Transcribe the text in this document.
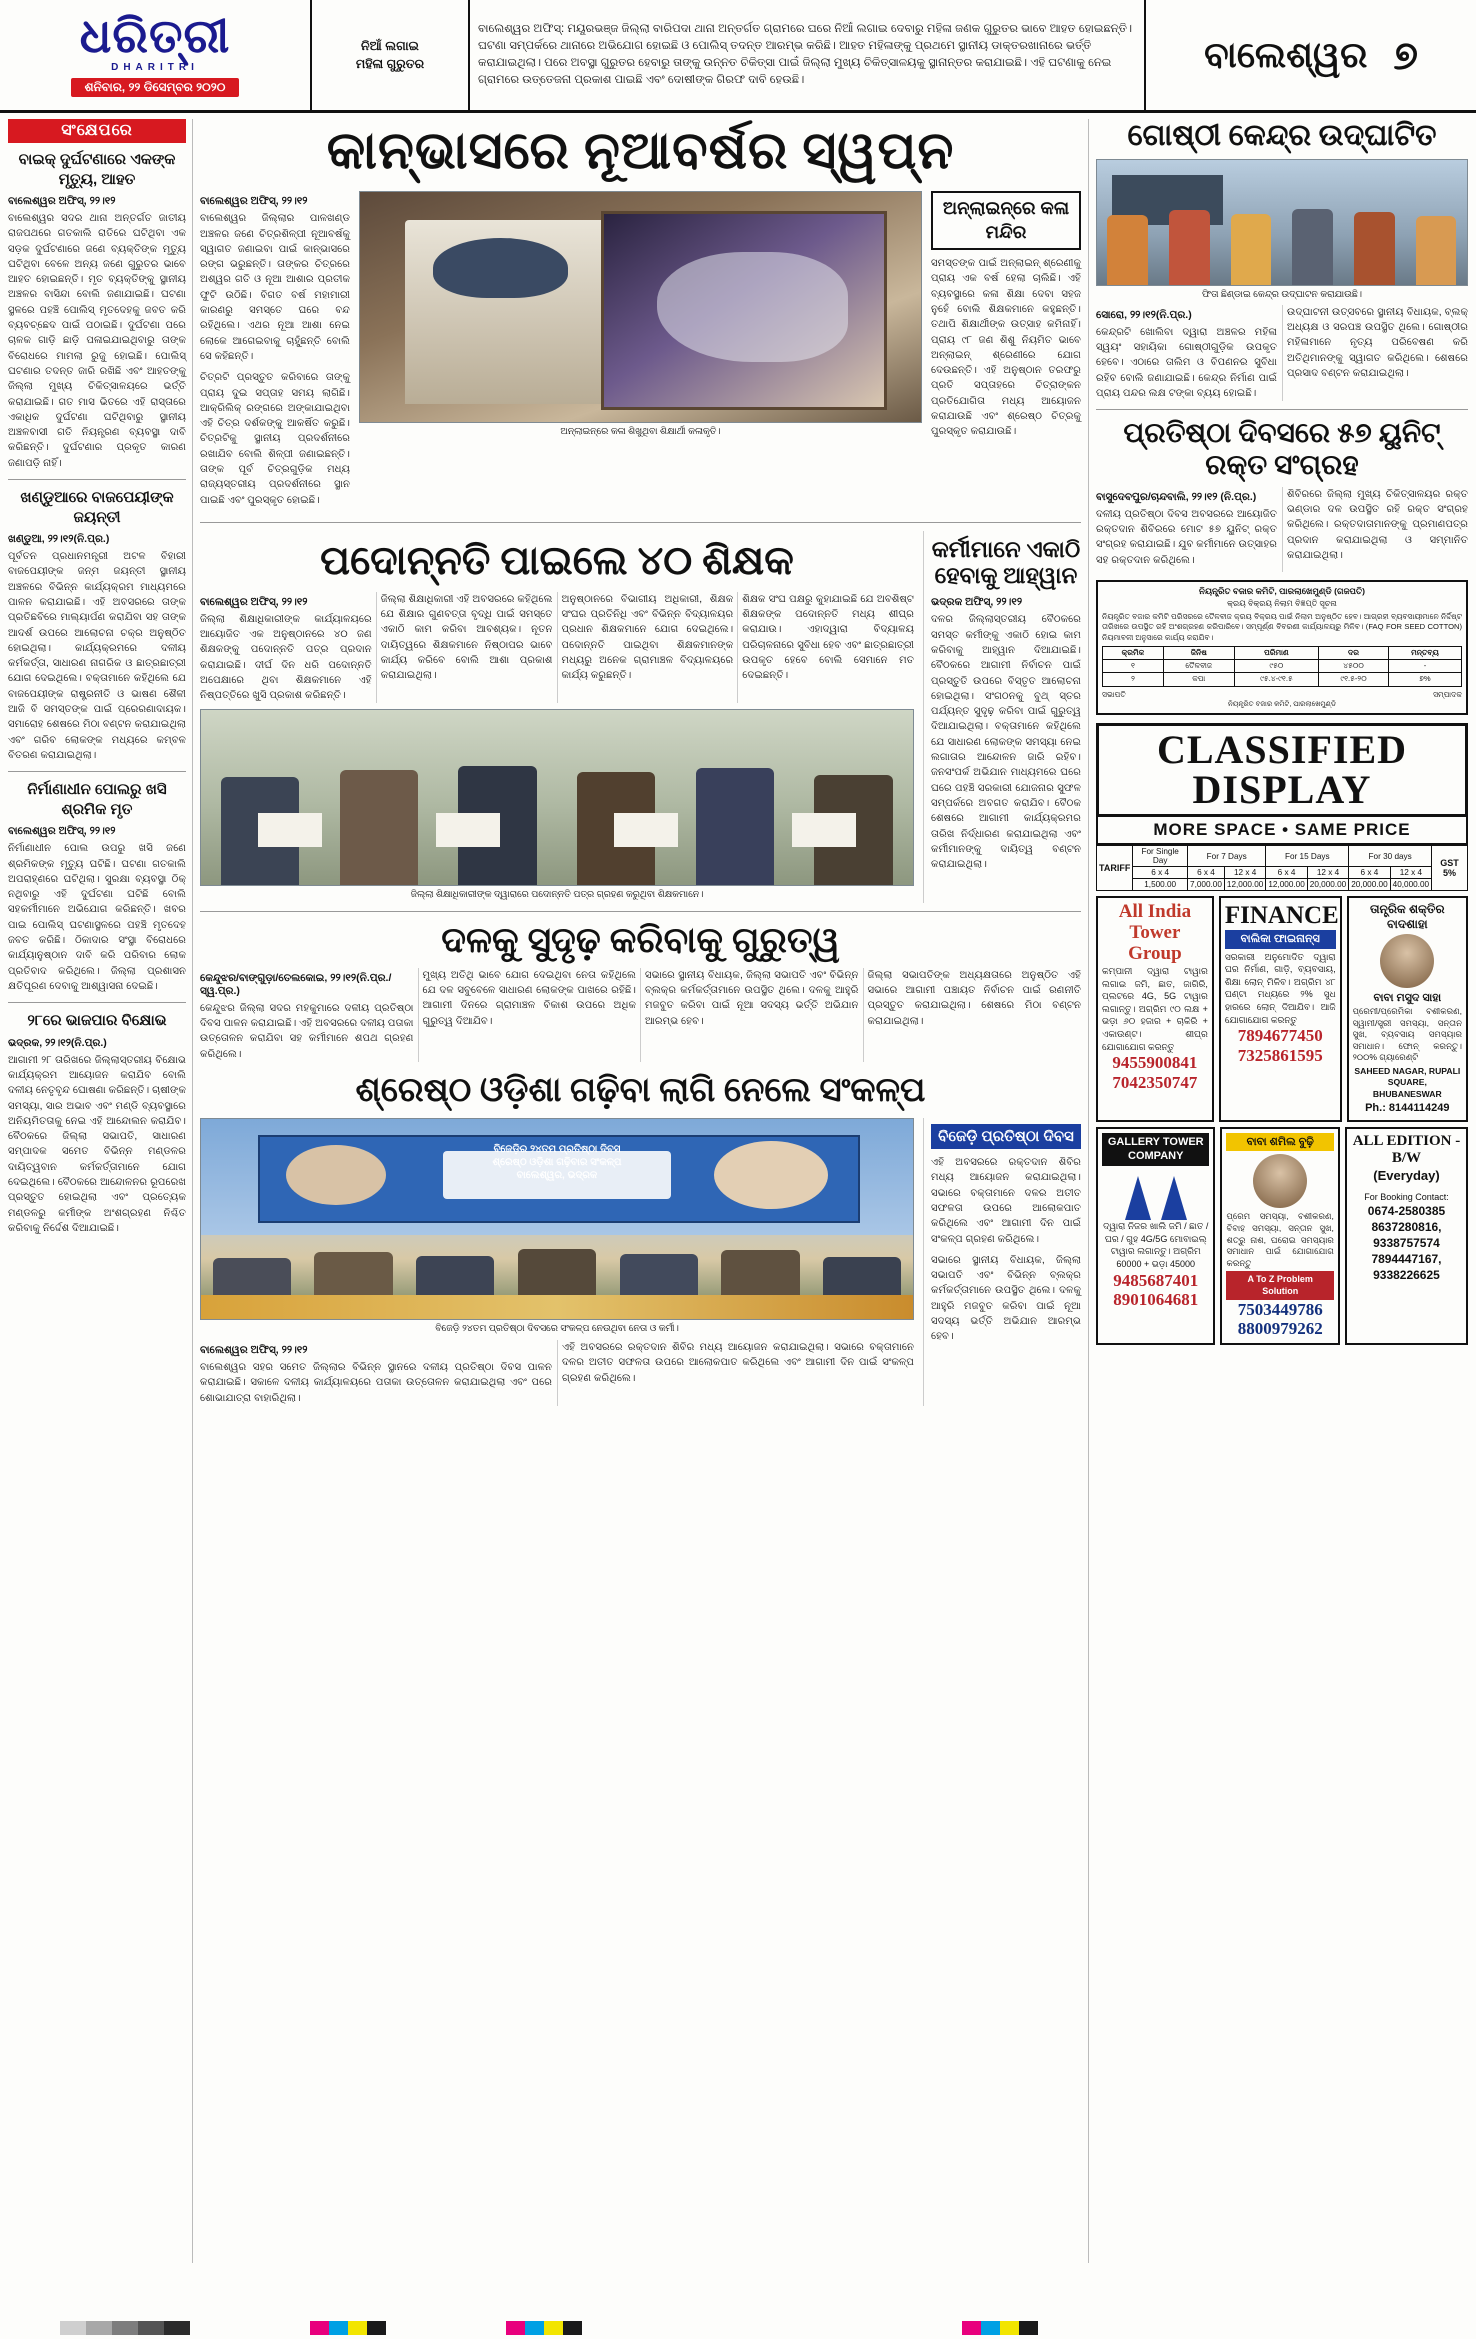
ଧରିତ୍ରୀ
DHARITRI
ଶନିବାର, ୨୨ ଡିସେମ୍ବର ୨୦୨୦
ନିଆଁ ଲଗାଇ
ମହିଳା ଗୁରୁତର
ବାଲେଶ୍ୱର ଅଫିସ୍: ମୟୂରଭଞ୍ଜ ଜିଲ୍ଲା ବାରିପଦା ଥାନା ଅନ୍ତର୍ଗତ ଗ୍ରାମରେ ଘରେ ନିଆଁ ଲଗାଇ ଦେବାରୁ ମହିଳା ଜଣକ ଗୁରୁତର ଭାବେ ଆହତ ହୋଇଛନ୍ତି। ଘଟଣା ସମ୍ପର୍କରେ ଥାନାରେ ଅଭିଯୋଗ ହୋଇଛି ଓ ପୋଲିସ୍ ତଦନ୍ତ ଆରମ୍ଭ କରିଛି। ଆହତ ମହିଳାଙ୍କୁ ପ୍ରଥମେ ସ୍ଥାନୀୟ ଡାକ୍ତରଖାନାରେ ଭର୍ତ୍ତି କରାଯାଇଥିଲା। ପରେ ଅବସ୍ଥା ଗୁରୁତର ହେବାରୁ ତାଙ୍କୁ ଉନ୍ନତ ଚିକିତ୍ସା ପାଇଁ ଜିଲ୍ଲା ମୁଖ୍ୟ ଚିକିତ୍ସାଳୟକୁ ସ୍ଥାନାନ୍ତର କରାଯାଇଛି। ଏହି ଘଟଣାକୁ ନେଇ ଗ୍ରାମରେ ଉତ୍ତେଜନା ପ୍ରକାଶ ପାଇଛି ଏବଂ ଦୋଷୀଙ୍କ ଗିରଫ ଦାବି ହେଉଛି।
ବାଲେଶ୍ୱର ୭
ସଂକ୍ଷେପରେ
ବାଇକ୍ ଦୁର୍ଘଟଣାରେ ଏକଙ୍କ ମୃତ୍ୟୁ, ଆହତ
ବାଲେଶ୍ୱର ଅଫିସ୍, ୨୨।୧୨

ବାଲେଶ୍ୱର ସଦର ଥାନା ଅନ୍ତର୍ଗତ ଜାତୀୟ ରାଜପଥରେ ଗତକାଲି ରାତିରେ ଘଟିଥିବା ଏକ ସଡ଼କ ଦୁର୍ଘଟଣାରେ ଜଣେ ବ୍ୟକ୍ତିଙ୍କ ମୃତ୍ୟୁ ଘଟିଥିବା ବେଳେ ଅନ୍ୟ ଜଣେ ଗୁରୁତର ଭାବେ ଆହତ ହୋଇଛନ୍ତି। ମୃତ ବ୍ୟକ୍ତିଙ୍କୁ ସ୍ଥାନୀୟ ଅଞ୍ଚଳର ବାସିନ୍ଦା ବୋଲି ଜଣାଯାଇଛି। ଘଟଣା ସ୍ଥଳରେ ପହଞ୍ଚି ପୋଲିସ୍ ମୃତଦେହକୁ ଜବତ କରି ବ୍ୟବଚ୍ଛେଦ ପାଇଁ ପଠାଇଛି। ଦୁର୍ଘଟଣା ପରେ ଚାଳକ ଗାଡ଼ି ଛାଡ଼ି ପଳାଇଯାଇଥିବାରୁ ତାଙ୍କ ବିରୋଧରେ ମାମଲା ରୁଜୁ ହୋଇଛି। ପୋଲିସ୍ ଘଟଣାର ତଦନ୍ତ ଜାରି ରଖିଛି ଏବଂ ଆହତଙ୍କୁ ଜିଲ୍ଲା ମୁଖ୍ୟ ଚିକିତ୍ସାଳୟରେ ଭର୍ତ୍ତି କରାଯାଇଛି। ଗତ ମାସ ଭିତରେ ଏହି ରାସ୍ତାରେ ଏକାଧିକ ଦୁର୍ଘଟଣା ଘଟିଥିବାରୁ ସ୍ଥାନୀୟ ଅଞ୍ଚଳବାସୀ ଗତି ନିୟନ୍ତ୍ରଣ ବ୍ୟବସ୍ଥା ଦାବି କରିଛନ୍ତି। ଦୁର୍ଘଟଣାର ପ୍ରକୃତ କାରଣ ଜଣାପଡ଼ି ନାହିଁ।

ଖଣ୍ଡୁଆରେ ବାଜପେୟୀଙ୍କ ଜୟନ୍ତୀ
ଖଣ୍ଡୁଆ, ୨୨।୧୨(ନି.ପ୍ର.)

ପୂର୍ବତନ ପ୍ରଧାନମନ୍ତ୍ରୀ ଅଟଳ ବିହାରୀ ବାଜପେୟୀଙ୍କ ଜନ୍ମ ଜୟନ୍ତୀ ସ୍ଥାନୀୟ ଅଞ୍ଚଳରେ ବିଭିନ୍ନ କାର୍ଯ୍ୟକ୍ରମ ମାଧ୍ୟମରେ ପାଳନ କରାଯାଇଛି। ଏହି ଅବସରରେ ତାଙ୍କ ପ୍ରତିଛବିରେ ମାଲ୍ୟାର୍ପଣ କରାଯିବା ସହ ତାଙ୍କ ଆଦର୍ଶ ଉପରେ ଆଲୋଚନା ଚକ୍ର ଅନୁଷ୍ଠିତ ହୋଇଥିଲା। କାର୍ଯ୍ୟକ୍ରମରେ ଦଳୀୟ କର୍ମକର୍ତ୍ତା, ସାଧାରଣ ନାଗରିକ ଓ ଛାତ୍ରଛାତ୍ରୀ ଯୋଗ ଦେଇଥିଲେ। ବକ୍ତାମାନେ କହିଥିଲେ ଯେ ବାଜପେୟୀଙ୍କ ରାଷ୍ଟ୍ରନୀତି ଓ ଭାଷଣ ଶୈଳୀ ଆଜି ବି ସମସ୍ତଙ୍କ ପାଇଁ ପ୍ରେରଣାଦାୟକ। ସମାରୋହ ଶେଷରେ ମିଠା ବଣ୍ଟନ କରାଯାଇଥିଲା ଏବଂ ଗରିବ ଲୋକଙ୍କ ମଧ୍ୟରେ କମ୍ବଳ ବିତରଣ କରାଯାଇଥିଲା।

ନିର୍ମାଣାଧୀନ ପୋଲରୁ ଖସି ଶ୍ରମିକ ମୃତ
ବାଲେଶ୍ୱର ଅଫିସ୍, ୨୨।୧୨

ନିର୍ମାଣାଧୀନ ପୋଲ ଉପରୁ ଖସି ଜଣେ ଶ୍ରମିକଙ୍କ ମୃତ୍ୟୁ ଘଟିଛି। ଘଟଣା ଗତକାଲି ଅପରାହ୍ଣରେ ଘଟିଥିଲା। ସୁରକ୍ଷା ବ୍ୟବସ୍ଥା ଠିକ୍ ନଥିବାରୁ ଏହି ଦୁର୍ଘଟଣା ଘଟିଛି ବୋଲି ସହକର୍ମୀମାନେ ଅଭିଯୋଗ କରିଛନ୍ତି। ଖବର ପାଇ ପୋଲିସ୍ ଘଟଣାସ୍ଥଳରେ ପହଞ୍ଚି ମୃତଦେହ ଜବତ କରିଛି। ଠିକାଦାର ସଂସ୍ଥା ବିରୋଧରେ କାର୍ଯ୍ୟାନୁଷ୍ଠାନ ଦାବି କରି ପରିବାର ଲୋକ ପ୍ରତିବାଦ କରିଥିଲେ। ଜିଲ୍ଲା ପ୍ରଶାସନ କ୍ଷତିପୂରଣ ଦେବାକୁ ଆଶ୍ୱାସନା ଦେଇଛି।

୨୮ରେ ଭାଜପାର ବିକ୍ଷୋଭ
ଭଦ୍ରକ, ୨୨।୧୨(ନି.ପ୍ର.)

ଆଗାମୀ ୨୮ ତାରିଖରେ ଜିଲ୍ଲାସ୍ତରୀୟ ବିକ୍ଷୋଭ କାର୍ଯ୍ୟକ୍ରମ ଆୟୋଜନ କରାଯିବ ବୋଲି ଦଳୀୟ ନେତୃବୃନ୍ଦ ଘୋଷଣା କରିଛନ୍ତି। ଚାଷୀଙ୍କ ସମସ୍ୟା, ସାର ଅଭାବ ଏବଂ ମଣ୍ଡି ବ୍ୟବସ୍ଥାରେ ଅନିୟମିତତାକୁ ନେଇ ଏହି ଆନ୍ଦୋଲନ କରାଯିବ। ବୈଠକରେ ଜିଲ୍ଲା ସଭାପତି, ସାଧାରଣ ସମ୍ପାଦକ ସମେତ ବିଭିନ୍ନ ମଣ୍ଡଳର ଦାୟିତ୍ୱବାନ କର୍ମକର୍ତ୍ତାମାନେ ଯୋଗ ଦେଇଥିଲେ। ବୈଠକରେ ଆନ୍ଦୋଳନର ରୂପରେଖ ପ୍ରସ୍ତୁତ ହୋଇଥିଲା ଏବଂ ପ୍ରତ୍ୟେକ ମଣ୍ଡଳରୁ କର୍ମୀଙ୍କ ଅଂଶଗ୍ରହଣ ନିଶ୍ଚିତ କରିବାକୁ ନିର୍ଦ୍ଦେଶ ଦିଆଯାଇଛି।

କାନ୍ଭାସରେ ନୂଆବର୍ଷର ସ୍ୱପ୍ନ
ବାଲେଶ୍ୱର ଅଫିସ୍, ୨୨।୧୨

ବାଲେଶ୍ୱର ଜିଲ୍ଲାର ପାଳଖଣ୍ଡ ଅଞ୍ଚଳର ଜଣେ ଚିତ୍ରଶିଳ୍ପୀ ନୂଆବର୍ଷକୁ ସ୍ୱାଗତ ଜଣାଇବା ପାଇଁ କାନ୍ଭାସରେ ରଙ୍ଗ ଭରୁଛନ୍ତି। ତାଙ୍କର ଚିତ୍ରରେ ଅଶ୍ୱର ଗତି ଓ ନୂଆ ଆଶାର ପ୍ରତୀକ ଫୁଟି ଉଠିଛି। ବିଗତ ବର୍ଷ ମହାମାରୀ କାରଣରୁ ସମସ୍ତେ ଘରେ ବନ୍ଦ ରହିଥିଲେ। ଏଥର ନୂଆ ଆଶା ନେଇ ଲୋକେ ଆଗେଇବାକୁ ଚାହୁଁଛନ୍ତି ବୋଲି ସେ କହିଛନ୍ତି।

ଚିତ୍ରଟି ପ୍ରସ୍ତୁତ କରିବାରେ ତାଙ୍କୁ ପ୍ରାୟ ଦୁଇ ସପ୍ତାହ ସମୟ ଲାଗିଛି। ଆକ୍ରିଲିକ୍ ରଙ୍ଗରେ ଅଙ୍କାଯାଇଥିବା ଏହି ଚିତ୍ର ଦର୍ଶକଙ୍କୁ ଆକର୍ଷିତ କରୁଛି। ଚିତ୍ରଟିକୁ ସ୍ଥାନୀୟ ପ୍ରଦର୍ଶନୀରେ ରଖାଯିବ ବୋଲି ଶିଳ୍ପୀ ଜଣାଇଛନ୍ତି। ତାଙ୍କ ପୂର୍ବ ଚିତ୍ରଗୁଡ଼ିକ ମଧ୍ୟ ରାଜ୍ୟସ୍ତରୀୟ ପ୍ରଦର୍ଶନୀରେ ସ୍ଥାନ ପାଇଛି ଏବଂ ପୁରସ୍କୃତ ହୋଇଛି।

ଅନ୍‌ଲାଇନ୍‌ରେ କଳା ଶିଖୁଥିବା ଶିକ୍ଷାର୍ଥୀ କଳାକୃତି।
ଅନ୍‌ଲାଇନ୍‌ରେ କଳା ମନ୍ଦିର

ସମସ୍ତଙ୍କ ପାଇଁ ଅନ୍‌ଲାଇନ୍ ଶ୍ରେଣୀକୁ ପ୍ରାୟ ଏକ ବର୍ଷ ହେଲା ଚାଲିଛି। ଏହି ବ୍ୟବସ୍ଥାରେ କଳା ଶିକ୍ଷା ଦେବା ସହଜ ନୁହେଁ ବୋଲି ଶିକ୍ଷକମାନେ କହୁଛନ୍ତି। ତଥାପି ଶିକ୍ଷାର୍ଥୀଙ୍କ ଉତ୍ସାହ କମିନାହିଁ। ପ୍ରାୟ ୯୮ ଜଣ ଶିଶୁ ନିୟମିତ ଭାବେ ଅନ୍‌ଲାଇନ୍ ଶ୍ରେଣୀରେ ଯୋଗ ଦେଉଛନ୍ତି। ଏହି ଅନୁଷ୍ଠାନ ତରଫରୁ ପ୍ରତି ସପ୍ତାହରେ ଚିତ୍ରାଙ୍କନ ପ୍ରତିଯୋଗିତା ମଧ୍ୟ ଆୟୋଜନ କରାଯାଉଛି ଏବଂ ଶ୍ରେଷ୍ଠ ଚିତ୍ରକୁ ପୁରସ୍କୃତ କରାଯାଉଛି।

ପଦୋନ୍ନତି ପାଇଲେ ୪୦ ଶିକ୍ଷକ
ବାଲେଶ୍ୱର ଅଫିସ୍, ୨୨।୧୨

ଜିଲ୍ଲା ଶିକ୍ଷାଧିକାରୀଙ୍କ କାର୍ଯ୍ୟାଳୟରେ ଆୟୋଜିତ ଏକ ଅନୁଷ୍ଠାନରେ ୪୦ ଜଣ ଶିକ୍ଷକଙ୍କୁ ପଦୋନ୍ନତି ପତ୍ର ପ୍ରଦାନ କରାଯାଇଛି। ଦୀର୍ଘ ଦିନ ଧରି ପଦୋନ୍ନତି ଅପେକ୍ଷାରେ ଥିବା ଶିକ୍ଷକମାନେ ଏହି ନିଷ୍ପତ୍ତିରେ ଖୁସି ପ୍ରକାଶ କରିଛନ୍ତି।

ଜିଲ୍ଲା ଶିକ୍ଷାଧିକାରୀ ଏହି ଅବସରରେ କହିଥିଲେ ଯେ ଶିକ୍ଷାର ଗୁଣବତ୍ତା ବୃଦ୍ଧି ପାଇଁ ସମସ୍ତେ ଏକାଠି କାମ କରିବା ଆବଶ୍ୟକ। ନୂତନ ଦାୟିତ୍ୱରେ ଶିକ୍ଷକମାନେ ନିଷ୍ଠାପର ଭାବେ କାର୍ଯ୍ୟ କରିବେ ବୋଲି ଆଶା ପ୍ରକାଶ କରାଯାଇଥିଲା।

ଅନୁଷ୍ଠାନରେ ବିଭାଗୀୟ ଅଧିକାରୀ, ଶିକ୍ଷକ ସଂଘର ପ୍ରତିନିଧି ଏବଂ ବିଭିନ୍ନ ବିଦ୍ୟାଳୟର ପ୍ରଧାନ ଶିକ୍ଷକମାନେ ଯୋଗ ଦେଇଥିଲେ। ପଦୋନ୍ନତି ପାଇଥିବା ଶିକ୍ଷକମାନଙ୍କ ମଧ୍ୟରୁ ଅନେକ ଗ୍ରାମାଞ୍ଚଳ ବିଦ୍ୟାଳୟରେ କାର୍ଯ୍ୟ କରୁଛନ୍ତି।

ଶିକ୍ଷକ ସଂଘ ପକ୍ଷରୁ କୁହାଯାଇଛି ଯେ ଅବଶିଷ୍ଟ ଶିକ୍ଷକଙ୍କ ପଦୋନ୍ନତି ମଧ୍ୟ ଶୀଘ୍ର କରାଯାଉ। ଏହାଦ୍ୱାରା ବିଦ୍ୟାଳୟ ପରିଚାଳନାରେ ସୁବିଧା ହେବ ଏବଂ ଛାତ୍ରଛାତ୍ରୀ ଉପକୃତ ହେବେ ବୋଲି ସେମାନେ ମତ ଦେଇଛନ୍ତି।

ଜିଲ୍ଲା ଶିକ୍ଷାଧିକାରୀଙ୍କ ଦ୍ୱାରାରେ ପଦୋନ୍ନତି ପତ୍ର ଗ୍ରହଣ କରୁଥିବା ଶିକ୍ଷକମାନେ।
କର୍ମୀମାନେ ଏକାଠି ହେବାକୁ ଆହ୍ୱାନ
ଭଦ୍ରକ ଅଫିସ୍, ୨୨।୧୨

ଦଳର ଜିଲ୍ଲାସ୍ତରୀୟ ବୈଠକରେ ସମସ୍ତ କର୍ମୀଙ୍କୁ ଏକାଠି ହୋଇ କାମ କରିବାକୁ ଆହ୍ୱାନ ଦିଆଯାଇଛି। ବୈଠକରେ ଆଗାମୀ ନିର୍ବାଚନ ପାଇଁ ପ୍ରସ୍ତୁତି ଉପରେ ବିସ୍ତୃତ ଆଲୋଚନା ହୋଇଥିଲା। ସଂଗଠନକୁ ବୁଥ୍ ସ୍ତର ପର୍ଯ୍ୟନ୍ତ ସୁଦୃଢ଼ କରିବା ପାଇଁ ଗୁରୁତ୍ୱ ଦିଆଯାଇଥିଲା। ବକ୍ତାମାନେ କହିଥିଲେ ଯେ ସାଧାରଣ ଲୋକଙ୍କ ସମସ୍ୟା ନେଇ ଲଗାତାର ଆନ୍ଦୋଳନ ଜାରି ରହିବ। ଜନସଂପର୍କ ଅଭିଯାନ ମାଧ୍ୟମରେ ଘରେ ଘରେ ପହଞ୍ଚି ସରକାରୀ ଯୋଜନାର ସୁଫଳ ସମ୍ପର୍କରେ ଅବଗତ କରାଯିବ। ବୈଠକ ଶେଷରେ ଆଗାମୀ କାର୍ଯ୍ୟକ୍ରମର ତାରିଖ ନିର୍ଦ୍ଧାରଣ କରାଯାଇଥିଲା ଏବଂ କର୍ମୀମାନଙ୍କୁ ଦାୟିତ୍ୱ ବଣ୍ଟନ କରାଯାଇଥିଲା।

ଦଳକୁ ସୁଦୃଢ଼ କରିବାକୁ ଗୁରୁତ୍ୱ
କେନ୍ଦୁଝର/ବାଙ୍ଗୁଡ଼ା/ତେଲକୋଇ, ୨୨।୧୨(ନି.ପ୍ର./ସ୍ୱ.ପ୍ର.)

କେନ୍ଦୁଝର ଜିଲ୍ଲା ସଦର ମହକୁମାରେ ଦଳୀୟ ପ୍ରତିଷ୍ଠା ଦିବସ ପାଳନ କରାଯାଇଛି। ଏହି ଅବସରରେ ଦଳୀୟ ପତାକା ଉତ୍ତୋଳନ କରାଯିବା ସହ କର୍ମୀମାନେ ଶପଥ ଗ୍ରହଣ କରିଥିଲେ।

ମୁଖ୍ୟ ଅତିଥି ଭାବେ ଯୋଗ ଦେଇଥିବା ନେତା କହିଥିଲେ ଯେ ଦଳ ସବୁବେଳେ ସାଧାରଣ ଲୋକଙ୍କ ପାଖରେ ରହିଛି। ଆଗାମୀ ଦିନରେ ଗ୍ରାମାଞ୍ଚଳ ବିକାଶ ଉପରେ ଅଧିକ ଗୁରୁତ୍ୱ ଦିଆଯିବ।

ସଭାରେ ସ୍ଥାନୀୟ ବିଧାୟକ, ଜିଲ୍ଲା ସଭାପତି ଏବଂ ବିଭିନ୍ନ ବ୍ଲକ୍‌ର କର୍ମକର୍ତ୍ତାମାନେ ଉପସ୍ଥିତ ଥିଲେ। ଦଳକୁ ଆହୁରି ମଜବୁତ କରିବା ପାଇଁ ନୂଆ ସଦସ୍ୟ ଭର୍ତ୍ତି ଅଭିଯାନ ଆରମ୍ଭ ହେବ।

ଜିଲ୍ଲା ସଭାପତିଙ୍କ ଅଧ୍ୟକ୍ଷତାରେ ଅନୁଷ୍ଠିତ ଏହି ସଭାରେ ଆଗାମୀ ପଞ୍ଚାୟତ ନିର୍ବାଚନ ପାଇଁ ରଣନୀତି ପ୍ରସ୍ତୁତ କରାଯାଇଥିଲା। ଶେଷରେ ମିଠା ବଣ୍ଟନ କରାଯାଇଥିଲା।

ଶ୍ରେଷ୍ଠ ଓଡ଼ିଶା ଗଢ଼ିବା ଲାଗି ନେଲେ ସଂକଳ୍ପ
ବିଜେଡ଼ିର ୨୪ତମ ପ୍ରତିଷ୍ଠା ଦିବସ
ଶ୍ରେଷ୍ଠ ଓଡ଼ିଶା ଗଢ଼ିବାର ସଂକଳ୍ପ
ବାଲେଶ୍ୱର, ଭଦ୍ରକ
ବିଜେଡ଼ି ୨୪ତମ ପ୍ରତିଷ୍ଠା ଦିବସରେ ସଂକଳ୍ପ ନେଉଥିବା ନେତା ଓ କର୍ମୀ।
ବାଲେଶ୍ୱର ଅଫିସ୍, ୨୨।୧୨

ବାଲେଶ୍ୱର ସହର ସମେତ ଜିଲ୍ଲାର ବିଭିନ୍ନ ସ୍ଥାନରେ ଦଳୀୟ ପ୍ରତିଷ୍ଠା ଦିବସ ପାଳନ କରାଯାଇଛି। ସକାଳେ ଦଳୀୟ କାର୍ଯ୍ୟାଳୟରେ ପତାକା ଉତ୍ତୋଳନ କରାଯାଇଥିଲା ଏବଂ ପରେ ଶୋଭାଯାତ୍ରା ବାହାରିଥିଲା।

ଏହି ଅବସରରେ ରକ୍ତଦାନ ଶିବିର ମଧ୍ୟ ଆୟୋଜନ କରାଯାଇଥିଲା। ସଭାରେ ବକ୍ତାମାନେ ଦଳର ଅତୀତ ସଫଳତା ଉପରେ ଆଲୋକପାତ କରିଥିଲେ ଏବଂ ଆଗାମୀ ଦିନ ପାଇଁ ସଂକଳ୍ପ ଗ୍ରହଣ କରିଥିଲେ।

ବିଜେଡ଼ି ପ୍ରତିଷ୍ଠା ଦିବସ

ଏହି ଅବସରରେ ରକ୍ତଦାନ ଶିବିର ମଧ୍ୟ ଆୟୋଜନ କରାଯାଇଥିଲା। ସଭାରେ ବକ୍ତାମାନେ ଦଳର ଅତୀତ ସଫଳତା ଉପରେ ଆଲୋକପାତ କରିଥିଲେ ଏବଂ ଆଗାମୀ ଦିନ ପାଇଁ ସଂକଳ୍ପ ଗ୍ରହଣ କରିଥିଲେ।

ସଭାରେ ସ୍ଥାନୀୟ ବିଧାୟକ, ଜିଲ୍ଲା ସଭାପତି ଏବଂ ବିଭିନ୍ନ ବ୍ଲକ୍‌ର କର୍ମକର୍ତ୍ତାମାନେ ଉପସ୍ଥିତ ଥିଲେ। ଦଳକୁ ଆହୁରି ମଜବୁତ କରିବା ପାଇଁ ନୂଆ ସଦସ୍ୟ ଭର୍ତ୍ତି ଅଭିଯାନ ଆରମ୍ଭ ହେବ।

ଗୋଷ୍ଠୀ କେନ୍ଦ୍ର ଉଦ୍‌ଘାଟିତ
ଫିତା ଛିଣ୍ଡାଇ କେନ୍ଦ୍ର ଉଦ୍‌ଘାଟନ କରାଯାଉଛି।
ସୋରୋ, ୨୨।୧୨(ନି.ପ୍ର.)

କେନ୍ଦ୍ରଟି ଖୋଲିବା ଦ୍ୱାରା ଅଞ୍ଚଳର ମହିଳା ସ୍ୱୟଂ ସହାୟିକା ଗୋଷ୍ଠୀଗୁଡ଼ିକ ଉପକୃତ ହେବେ। ଏଠାରେ ତାଲିମ ଓ ବିପଣନର ସୁବିଧା ରହିବ ବୋଲି ଜଣାଯାଇଛି। କେନ୍ଦ୍ର ନିର୍ମାଣ ପାଇଁ ପ୍ରାୟ ପନ୍ଦର ଲକ୍ଷ ଟଙ୍କା ବ୍ୟୟ ହୋଇଛି।

ଉଦ୍‌ଘାଟନୀ ଉତ୍ସବରେ ସ୍ଥାନୀୟ ବିଧାୟକ, ବ୍ଲକ୍ ଅଧ୍ୟକ୍ଷ ଓ ସରପଞ୍ଚ ଉପସ୍ଥିତ ଥିଲେ। ଗୋଷ୍ଠୀର ମହିଳାମାନେ ନୃତ୍ୟ ପରିବେଷଣ କରି ଅତିଥିମାନଙ୍କୁ ସ୍ୱାଗତ କରିଥିଲେ। ଶେଷରେ ପ୍ରସାଦ ବଣ୍ଟନ କରାଯାଇଥିଲା।

ପ୍ରତିଷ୍ଠା ଦିବସରେ ୫୭ ୟୁନିଟ୍ ରକ୍ତ ସଂଗ୍ରହ
ବାସୁଦେବପୁର/ଚାନ୍ଦବାଲି, ୨୨।୧୨ (ନି.ପ୍ର.)

ଦଳୀୟ ପ୍ରତିଷ୍ଠା ଦିବସ ଅବସରରେ ଆୟୋଜିତ ରକ୍ତଦାନ ଶିବିରରେ ମୋଟ ୫୭ ୟୁନିଟ୍ ରକ୍ତ ସଂଗ୍ରହ କରାଯାଇଛି। ଯୁବ କର୍ମୀମାନେ ଉତ୍ସାହର ସହ ରକ୍ତଦାନ କରିଥିଲେ।

ଶିବିରରେ ଜିଲ୍ଲା ମୁଖ୍ୟ ଚିକିତ୍ସାଳୟର ରକ୍ତ ଭଣ୍ଡାର ଦଳ ଉପସ୍ଥିତ ରହି ରକ୍ତ ସଂଗ୍ରହ କରିଥିଲେ। ରକ୍ତଦାତାମାନଙ୍କୁ ପ୍ରମାଣପତ୍ର ପ୍ରଦାନ କରାଯାଇଥିଲା ଓ ସମ୍ମାନିତ କରାଯାଇଥିଲା।

ନିୟନ୍ତ୍ରିତ ବଜାର କମିଟି, ପାରଲାଖେମୁଣ୍ଡି (ଗଜପତି)
କ୍ରୟ ବିକ୍ରୟ ନିଲାମ ବିଜ୍ଞପ୍ତି ସୂଚନା
ନିୟନ୍ତ୍ରିତ ବଜାର କମିଟି ପରିସରରେ ତୈଳବୀଜ କ୍ରୟ ବିକ୍ରୟ ପାଇଁ ନିଲାମ ଅନୁଷ୍ଠିତ ହେବ। ଆଗ୍ରହୀ ବ୍ୟବସାୟୀମାନେ ନିର୍ଦ୍ଦିଷ୍ଟ ତାରିଖରେ ଉପସ୍ଥିତ ରହି ଅଂଶଗ୍ରହଣ କରିପାରିବେ। ସମ୍ପୂର୍ଣ୍ଣ ବିବରଣୀ କାର୍ଯ୍ୟାଳୟରୁ ମିଳିବ। (FAQ FOR SEED COTTON) ନିୟମାବଳୀ ଅନୁସାରେ କାର୍ଯ୍ୟ କରାଯିବ।
କ୍ରମିକ	ଜିନିଷ	ପରିମାଣ	ଦର	ମନ୍ତବ୍ୟ
୧	ତୈଳବୀଜ	୯୫୦	୪୫୦୦	-
୨	କପା	୯୫.୪-୯୧.୫	୯୧.୫-୨୦	୭%
ସଭାପତି	ସମ୍ପାଦକ
ନିୟନ୍ତ୍ରିତ ବଜାର କମିଟି, ପାରଲାଖେମୁଣ୍ଡି
CLASSIFIED DISPLAY
MORE SPACE • SAME PRICE
TARIFF	For Single Day	For 7 Days		For 15 Days		For 30 days		GST 5%
	6 x 4	6 x 4	12 x 4	6 x 4	12 x 4	6 x 4	12 x 4	
	1,500.00	7,000.00	12,000.00	12,000.00	20,000.00	20,000.00	40,000.00	
All India Tower Group
କମ୍ପାନୀ ଦ୍ୱାରା ଟାୱାର ଲଗାଇ ଜମି, ଛାତ, ଜାଗିରି, ପ୍ଲଟରେ 4G, 5G ଟାୱାର ଲଗାନ୍ତୁ। ଅଗ୍ରିମ ୯୦ ଲକ୍ଷ + ଭଡ଼ା ୬୦ ହଜାର + ଚାକିରି + ଏକାଉଣ୍ଟ। ଶୀଘ୍ର ଯୋଗାଯୋଗ କରନ୍ତୁ
9455900841
7042350747
FINANCE
ବାଲିକା ଫାଇନାନ୍ସ
ସରକାରୀ ଅନୁମୋଦିତ ଦ୍ୱାରା ଘର ନିର୍ମାଣ, ଗାଡ଼ି, ବ୍ୟବସାୟ, ଶିକ୍ଷା ଲୋନ୍ ମିଳିବ। ଅଗ୍ରିମ ୪୮ ଘଣ୍ଟା ମଧ୍ୟରେ ୨% ସୁଧ ହାରରେ ଲୋନ୍ ଦିଆଯିବ। ଆଜି ଯୋଗାଯୋଗ କରନ୍ତୁ
7894677450
7325861595
ତାନ୍ତ୍ରିକ ଶକ୍ତିର ବାଦଶାହା
ବାବା ମସୁଦ ସାହା
ପ୍ରେମୀ/ପ୍ରେମିକା ବଶୀକରଣ, ସ୍ୱାମୀ/ସ୍ତ୍ରୀ ସମସ୍ୟା, ସନ୍ତାନ ସୁଖ, ବ୍ୟବସାୟ ସମସ୍ୟାର ସମାଧାନ। ଫୋନ୍ କରନ୍ତୁ। ୨୦୦% ଗ୍ୟାରେଣ୍ଟି
SAHEED NAGAR, RUPALI SQUARE, BHUBANESWAR
Ph.: 8144114249
GALLERY TOWER COMPANY
ଦ୍ୱାରା ନିଜର ଖାଲି ଜମି / ଛାତ / ଘର / ଗୁହ 4G/5G ମୋବାଇଲ୍ ଟାୱାର ଲଗାନ୍ତୁ। ଅଗ୍ରିମ 60000 + ଭଡ଼ା 45000
9485687401
8901064681
ବାବା ଶମିଲ ବୁଢ଼ି
ପ୍ରେମ ସମସ୍ୟା, ବଶୀକରଣ, ବିବାହ ସମସ୍ୟା, ସନ୍ତାନ ସୁଖ, ଶତ୍ରୁ ନାଶ, ଘରୋଇ ସମସ୍ୟାର ସମାଧାନ ପାଇଁ ଯୋଗାଯୋଗ କରନ୍ତୁ
A To Z Problem Solution
7503449786
8800979262
ALL EDITION - B/W
(Everyday)
For Booking Contact:
0674-2580385
8637280816, 9338757574
7894447167, 9338226625
